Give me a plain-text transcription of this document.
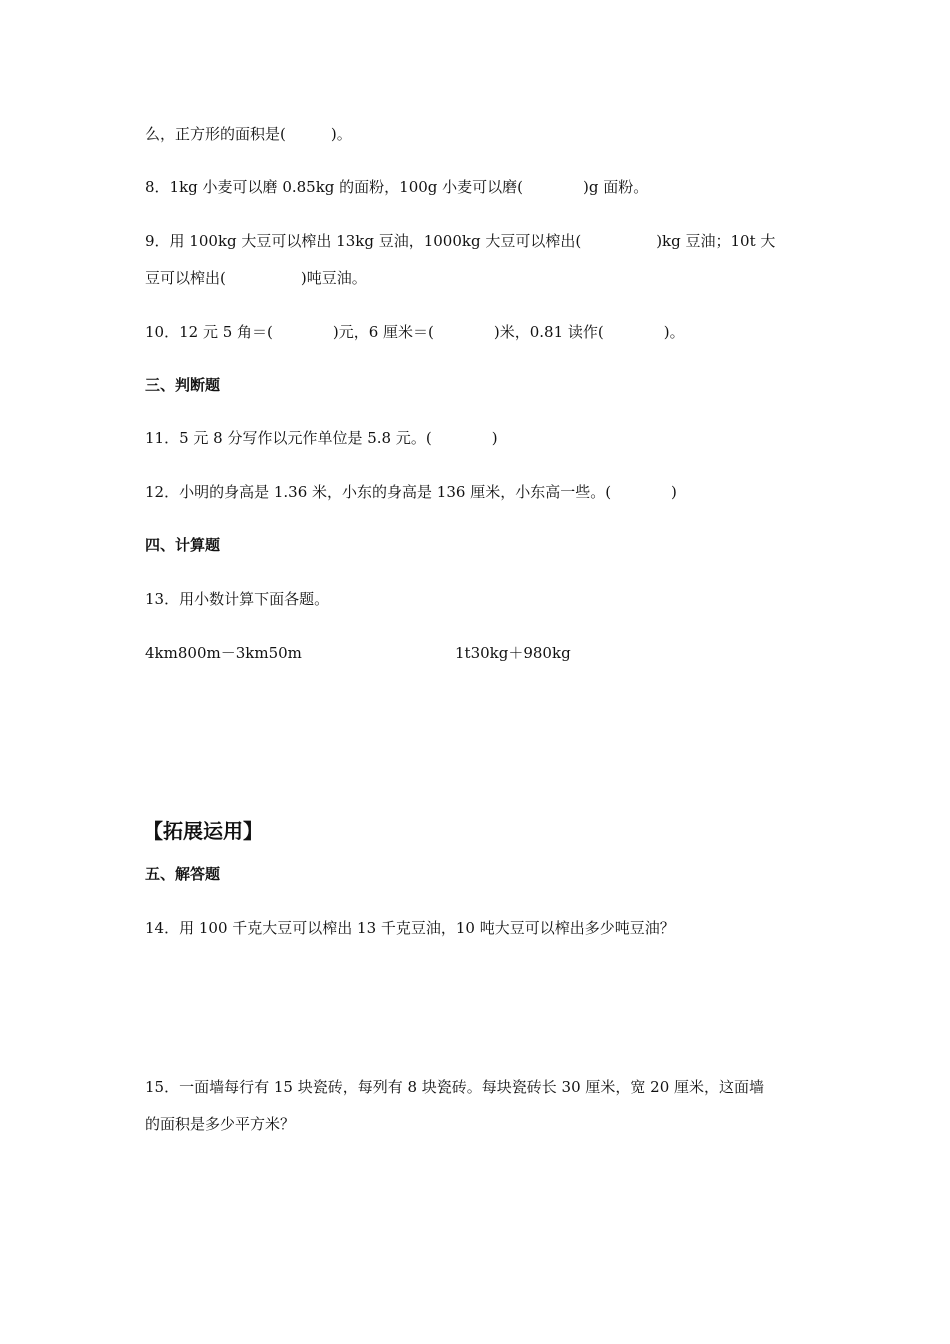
么，正方形的面积是(　　　)。

8．1kg 小麦可以磨 0.85kg 的面粉，100g 小麦可以磨(　　　　)g 面粉。

9．用 100kg 大豆可以榨出 13kg 豆油，1000kg 大豆可以榨出(　　　　　)kg 豆油；10t 大

豆可以榨出(　　　　　)吨豆油。

10．12 元 5 角＝(　　　　)元，6 厘米＝(　　　　)米，0.81 读作(　　　　)。

三、判断题

11．5 元 8 分写作以元作单位是 5.8 元。(　　　　)

12．小明的身高是 1.36 米，小东的身高是 136 厘米，小东高一些。(　　　　)

四、计算题

13．用小数计算下面各题。

4km800m－3km50m	1t30kg＋980kg

【拓展运用】
五、解答题

14．用 100 千克大豆可以榨出 13 千克豆油，10 吨大豆可以榨出多少吨豆油？

15．一面墙每行有 15 块瓷砖，每列有 8 块瓷砖。每块瓷砖长 30 厘米，宽 20 厘米，这面墙

的面积是多少平方米？
